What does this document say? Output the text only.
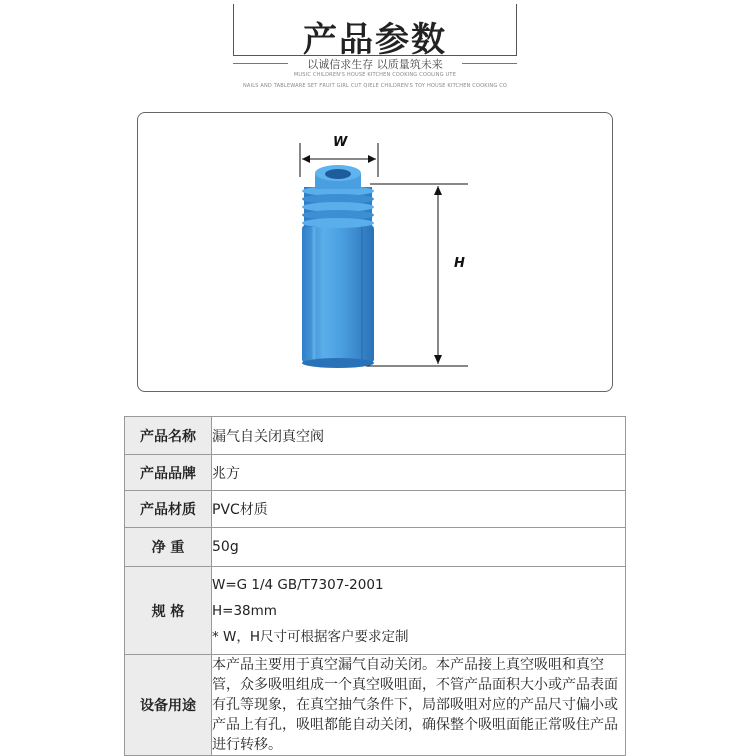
产品参数
以诚信求生存 以质量筑未来
MUSIC CHILDREN'S HOUSE KITCHEN COOKING COOLING UTE
NAILS AND TABLEWARE SET FRUIT GIRL CUT QIELE CHILDREN'S TOY HOUSE KITCHEN COOKING CO
W
H
产品名称	漏气自关闭真空阀
产品品牌	兆方
产品材质	PVC材质
净 重	50g
规 格	W=G 1/4 GB/T7307-2001
H=38mm
* W，H尺寸可根据客户要求定制

设备用途	本产品主要用于真空漏气自动关闭。本产品接上真空吸咀和真空管，众多吸咀组成一个真空吸咀面，不管产品面积大小或产品表面有孔等现象，在真空抽气条件下，局部吸咀对应的产品尺寸偏小或产品上有孔，吸咀都能自动关闭，确保整个吸咀面能正常吸住产品进行转移。
